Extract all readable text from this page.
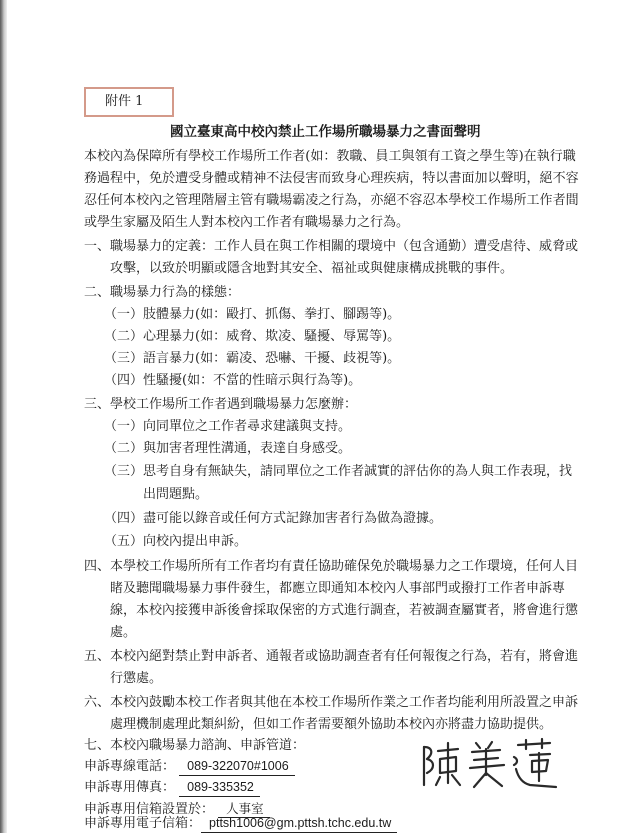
附件 1
國立臺東高中校內禁止工作場所職場暴力之書面聲明
本 校 內 為 保 障 所 有 學 校 工 作 場 所 工 作 者 ( 如 ： 教 職 、 員 工 與 領 有 工 資 之 學 生 等 ) 在 執 行 職
務 過 程 中 ， 免 於 遭 受 身 體 或 精 神 不 法 侵 害 而 致 身 心 理 疾 病 ， 特 以 書 面 加 以 聲 明 ， 絕 不 容
忍 任 何 本 校 內 之 管 理 階 層 主 管 有 職 場 霸 凌 之 行 為 ， 亦 絕 不 容 忍 本 學 校 工 作 場 所 工 作 者 間
或學生家屬及陌生人對本校內工作者有職場暴力之行為。
一、職場暴力的定義：工作人員在與工作相關的環境中（包含通勤）遭受虐待、威脅或
攻擊，以致於明顯或隱含地對其安全、福祉或與健康構成挑戰的事件。
二、職場暴力行為的樣態：
（一）肢體暴力(如：毆打、抓傷、拳打、腳踢等)。
（二）心理暴力(如：威脅、欺凌、騷擾、辱罵等)。
（三）語言暴力(如：霸凌、恐嚇、干擾、歧視等)。
（四）性騷擾(如：不當的性暗示與行為等)。
三、學校工作場所工作者遇到職場暴力怎麼辦：
（一）向同單位之工作者尋求建議與支持。
（二）與加害者理性溝通，表達自身感受。
（三）思考自身有無缺失，請同單位之工作者誠實的評估你的為人與工作表現，找
出問題點。
（四）盡可能以錄音或任何方式記錄加害者行為做為證據。
（五）向校內提出申訴。
四、本學校工作場所所有工作者均有責任協助確保免於職場暴力之工作環境，任何人目
睹及聽聞職場暴力事件發生，都應立即通知本校內人事部門或撥打工作者申訴專
線，本校內接獲申訴後會採取保密的方式進行調查，若被調查屬實者，將會進行懲
處。
五、本校內絕對禁止對申訴者、通報者或協助調查者有任何報復之行為，若有，將會進
行懲處。
六、本校內鼓勵本校工作者與其他在本校工作場所作業之工作者均能利用所設置之申訴
處理機制處理此類糾紛，但如工作者需要額外協助本校內亦將盡力協助提供。
七、本校內職場暴力諮詢、申訴管道：
申訴專線電話： 089-322070#1006
申訴專用傳真： 089-335352
申訴專用信箱設置於： 人事室
申訴專用電子信箱： pttsh1006@gm.pttsh.tchc.edu.tw
